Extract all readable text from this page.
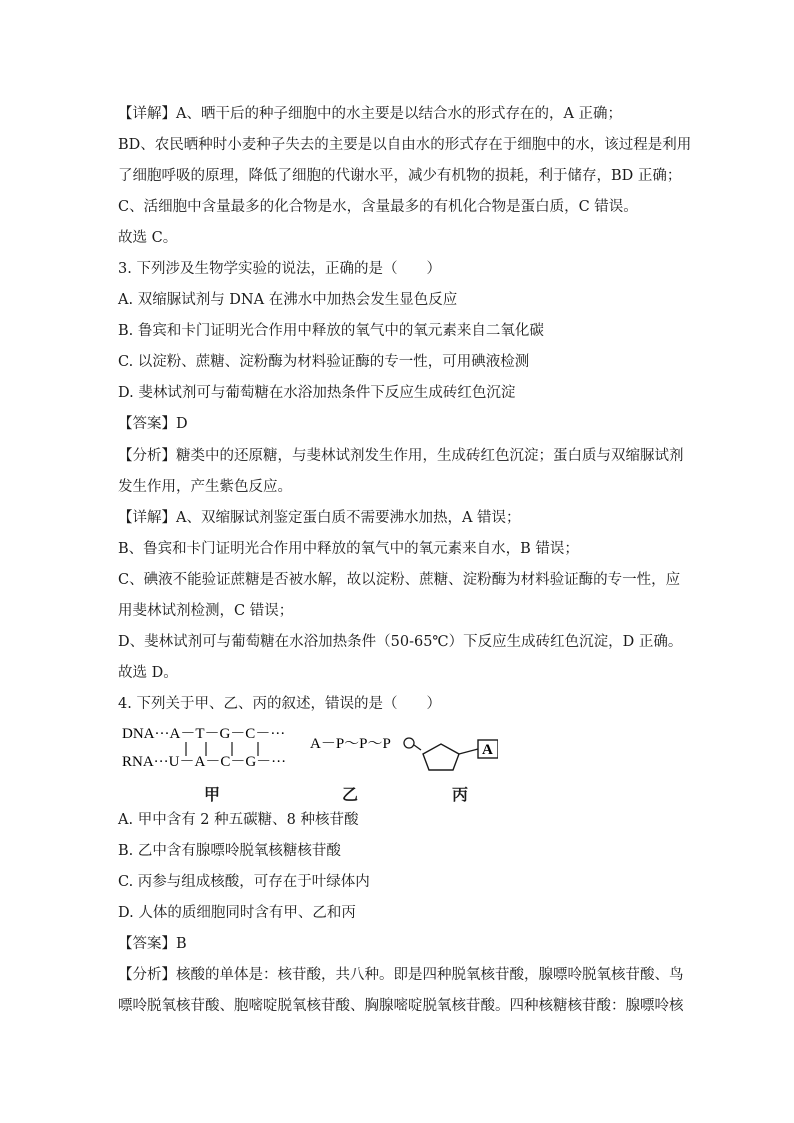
【详解】A、晒干后的种子细胞中的水主要是以结合水的形式存在的，A 正确；
BD、农民晒种时小麦种子失去的主要是以自由水的形式存在于细胞中的水，该过程是利用
了细胞呼吸的原理，降低了细胞的代谢水平，减少有机物的损耗，利于储存，BD 正确；
C、活细胞中含量最多的化合物是水，含量最多的有机化合物是蛋白质，C 错误。
故选 C。
3. 下列涉及生物学实验的说法，正确的是（　　）
A. 双缩脲试剂与 DNA 在沸水中加热会发生显色反应
B. 鲁宾和卡门证明光合作用中释放的氧气中的氧元素来自二氧化碳
C. 以淀粉、蔗糖、淀粉酶为材料验证酶的专一性，可用碘液检测
D. 斐林试剂可与葡萄糖在水浴加热条件下反应生成砖红色沉淀
【答案】D
【分析】糖类中的还原糖，与斐林试剂发生作用，生成砖红色沉淀；蛋白质与双缩脲试剂
发生作用，产生紫色反应。
【详解】A、双缩脲试剂鉴定蛋白质不需要沸水加热，A 错误；
B、鲁宾和卡门证明光合作用中释放的氧气中的氧元素来自水，B 错误；
C、碘液不能验证蔗糖是否被水解，故以淀粉、蔗糖、淀粉酶为材料验证酶的专一性，应
用斐林试剂检测，C 错误；
D、斐林试剂可与葡萄糖在水浴加热条件（50-65℃）下反应生成砖红色沉淀，D 正确。
故选 D。
4. 下列关于甲、乙、丙的叙述，错误的是（　　）
DNA···A－T－G－C－···
RNA···U－A－C－G－···
A－P～P～P	A
甲	乙	丙
A. 甲中含有 2 种五碳糖、8 种核苷酸
B. 乙中含有腺嘌呤脱氧核糖核苷酸
C. 丙参与组成核酸，可存在于叶绿体内
D. 人体的质细胞同时含有甲、乙和丙
【答案】B
【分析】核酸的单体是：核苷酸，共八种。即是四种脱氧核苷酸，腺嘌呤脱氧核苷酸、鸟
嘌呤脱氧核苷酸、胞嘧啶脱氧核苷酸、胸腺嘧啶脱氧核苷酸。四种核糖核苷酸：腺嘌呤核
